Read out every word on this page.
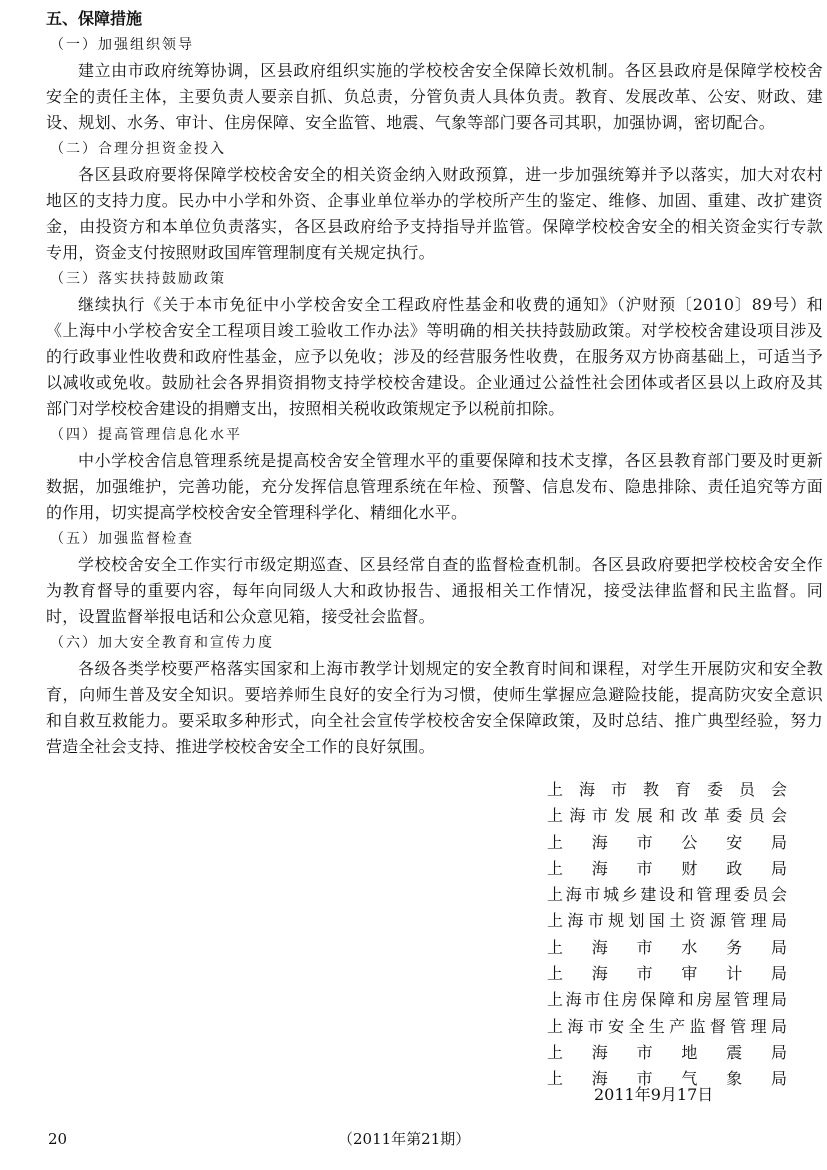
五、保障措施

（一）加强组织领导

建立由市政府统筹协调，区县政府组织实施的学校校舍安全保障长效机制。各区县政府是保障学校校舍安全的责任主体，主要负责人要亲自抓、负总责，分管负责人具体负责。教育、发展改革、公安、财政、建设、规划、水务、审计、住房保障、安全监管、地震、气象等部门要各司其职，加强协调，密切配合。

（二）合理分担资金投入

各区县政府要将保障学校校舍安全的相关资金纳入财政预算，进一步加强统筹并予以落实，加大对农村地区的支持力度。民办中小学和外资、企事业单位举办的学校所产生的鉴定、维修、加固、重建、改扩建资金，由投资方和本单位负责落实，各区县政府给予支持指导并监管。保障学校校舍安全的相关资金实行专款专用，资金支付按照财政国库管理制度有关规定执行。

（三）落实扶持鼓励政策

继续执行《关于本市免征中小学校舍安全工程政府性基金和收费的通知》（沪财预〔2010〕89号）和《上海中小学校舍安全工程项目竣工验收工作办法》等明确的相关扶持鼓励政策。对学校校舍建设项目涉及的行政事业性收费和政府性基金，应予以免收；涉及的经营服务性收费，在服务双方协商基础上，可适当予以减收或免收。鼓励社会各界捐资捐物支持学校校舍建设。企业通过公益性社会团体或者区县以上政府及其部门对学校校舍建设的捐赠支出，按照相关税收政策规定予以税前扣除。

（四）提高管理信息化水平

中小学校舍信息管理系统是提高校舍安全管理水平的重要保障和技术支撑，各区县教育部门要及时更新数据，加强维护，完善功能，充分发挥信息管理系统在年检、预警、信息发布、隐患排除、责任追究等方面的作用，切实提高学校校舍安全管理科学化、精细化水平。

（五）加强监督检查

学校校舍安全工作实行市级定期巡查、区县经常自查的监督检查机制。各区县政府要把学校校舍安全作为教育督导的重要内容，每年向同级人大和政协报告、通报相关工作情况，接受法律监督和民主监督。同时，设置监督举报电话和公众意见箱，接受社会监督。

（六）加大安全教育和宣传力度

各级各类学校要严格落实国家和上海市教学计划规定的安全教育时间和课程，对学生开展防灾和安全教育，向师生普及安全知识。要培养师生良好的安全行为习惯，使师生掌握应急避险技能，提高防灾安全意识和自救互救能力。要采取多种形式，向全社会宣传学校校舍安全保障政策，及时总结、推广典型经验，努力营造全社会支持、推进学校校舍安全工作的良好氛围。

上海市教育委员会
上海市发展和改革委员会
上海市公安局
上海市财政局
上海市城乡建设和管理委员会
上海市规划国土资源管理局
上海市水务局
上海市审计局
上海市住房保障和房屋管理局
上海市安全生产监督管理局
上海市地震局
上海市气象局
2011年9月17日
20	（2011年第21期）
